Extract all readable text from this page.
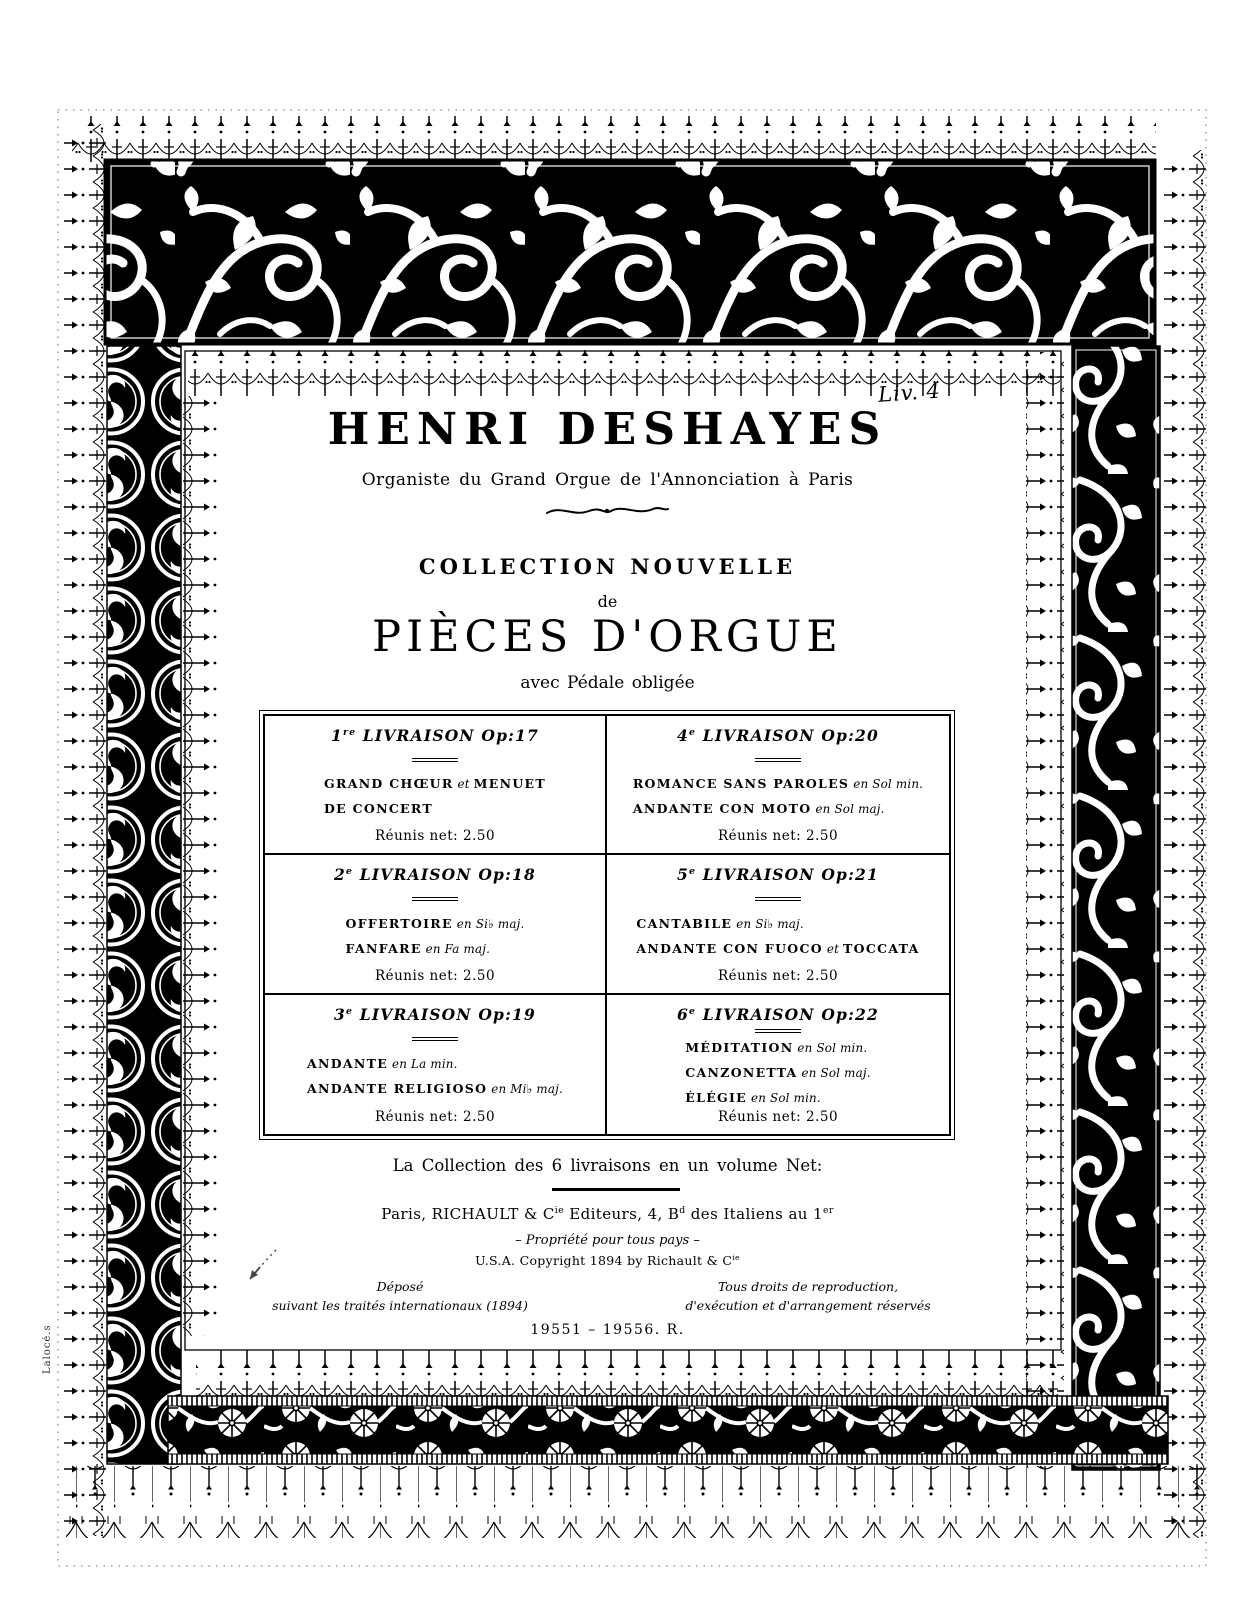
Liv. 4
HENRI DESHAYES
Organiste du Grand Orgue de l'Annonciation à Paris
COLLECTION NOUVELLE
de
PIÈCES D'ORGUE
avec Pédale obligée
1re LIVRAISON Op:17
GRAND CHŒUR et MENUET
DE CONCERT
Réunis net: 2.50
4e LIVRAISON Op:20
ROMANCE SANS PAROLES en Sol min.
ANDANTE CON MOTO en Sol maj.
Réunis net: 2.50
2e LIVRAISON Op:18
OFFERTOIRE en Si♭ maj.
FANFARE en Fa maj.
Réunis net: 2.50
5e LIVRAISON Op:21
CANTABILE en Si♭ maj.
ANDANTE CON FUOCO et TOCCATA
Réunis net: 2.50
3e LIVRAISON Op:19
ANDANTE en La min.
ANDANTE RELIGIOSO en Mi♭ maj.
Réunis net: 2.50
6e LIVRAISON Op:22
MÉDITATION en Sol min.
CANZONETTA en Sol maj.
ÉLÉGIE en Sol min.
Réunis net: 2.50
La Collection des 6 livraisons en un volume Net:
Paris, RICHAULT & $C^{ie}$ Editeurs, 4, $B^d$ des Italiens au 1er
– Propriété pour tous pays –
U.S.A. Copyright 1894 by Richault & $C^{ie}$
Déposé
suivant les traités internationaux (1894)
Tous droits de reproduction,
d'exécution et d'arrangement réservés
19551 – 19556. R.
Lalocé.s
